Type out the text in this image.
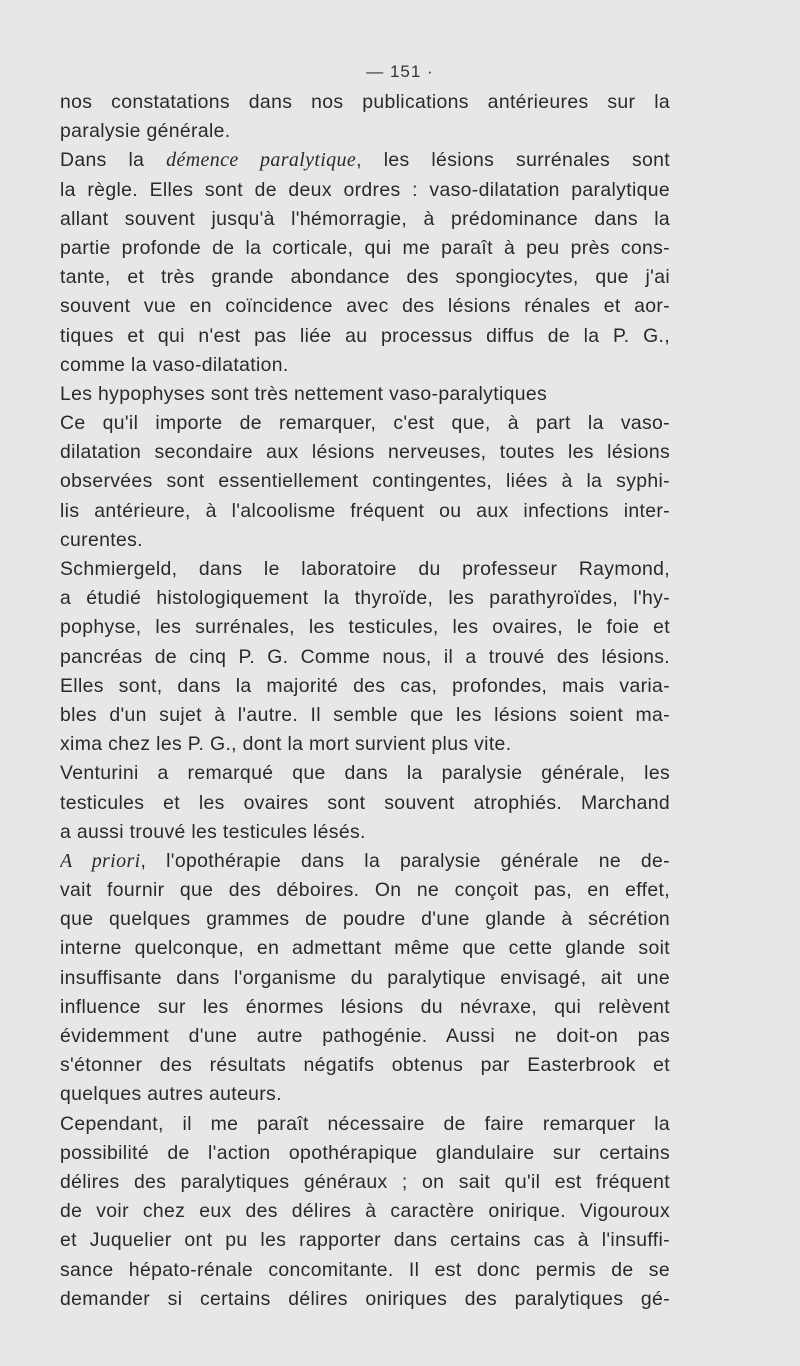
— 151 ·
nos constatations dans nos publications antérieures sur la
paralysie générale.
Dans la démence paralytique, les lésions surrénales sont
la règle. Elles sont de deux ordres : vaso-dilatation paralytique
allant souvent jusqu'à l'hémorragie, à prédominance dans la
partie profonde de la corticale, qui me paraît à peu près cons-
tante, et très grande abondance des spongiocytes, que j'ai
souvent vue en coïncidence avec des lésions rénales et aor-
tiques et qui n'est pas liée au processus diffus de la P. G.,
comme la vaso-dilatation.
Les hypophyses sont très nettement vaso-paralytiques
Ce qu'il importe de remarquer, c'est que, à part la vaso-
dilatation secondaire aux lésions nerveuses, toutes les lésions
observées sont essentiellement contingentes, liées à la syphi-
lis antérieure, à l'alcoolisme fréquent ou aux infections inter-
curentes.
Schmiergeld, dans le laboratoire du professeur Raymond,
a étudié histologiquement la thyroïde, les parathyroïdes, l'hy-
pophyse, les surrénales, les testicules, les ovaires, le foie et
pancréas de cinq P. G. Comme nous, il a trouvé des lésions.
Elles sont, dans la majorité des cas, profondes, mais varia-
bles d'un sujet à l'autre. Il semble que les lésions soient ma-
xima chez les P. G., dont la mort survient plus vite.
Venturini a remarqué que dans la paralysie générale, les
testicules et les ovaires sont souvent atrophiés. Marchand
a aussi trouvé les testicules lésés.
A priori, l'opothérapie dans la paralysie générale ne de-
vait fournir que des déboires. On ne conçoit pas, en effet,
que quelques grammes de poudre d'une glande à sécrétion
interne quelconque, en admettant même que cette glande soit
insuffisante dans l'organisme du paralytique envisagé, ait une
influence sur les énormes lésions du névraxe, qui relèvent
évidemment d'une autre pathogénie. Aussi ne doit-on pas
s'étonner des résultats négatifs obtenus par Easterbrook et
quelques autres auteurs.
Cependant, il me paraît nécessaire de faire remarquer la
possibilité de l'action opothérapique glandulaire sur certains
délires des paralytiques généraux ; on sait qu'il est fréquent
de voir chez eux des délires à caractère onirique. Vigouroux
et Juquelier ont pu les rapporter dans certains cas à l'insuffi-
sance hépato-rénale concomitante. Il est donc permis de se
demander si certains délires oniriques des paralytiques gé-
